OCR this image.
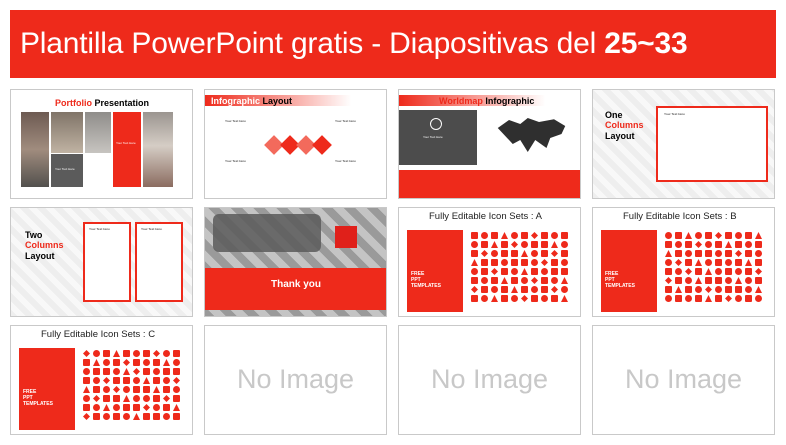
Plantilla PowerPoint gratis - Diapositivas del 25~33
Portfolio Presentation
Your Text Here
Your Text Here
Infographic Layout
Your Text Here
Your Text Here
Your Text Here
Your Text Here
Worldmap Infographic
Your Text Here
One
Columns
Layout
Your Text Here
Two
Columns
Layout
Your Text Here	Your Text Here
Thank you
Fully Editable Icon Sets : A
FREE
PPT
TEMPLATES
Fully Editable Icon Sets : B
FREE
PPT
TEMPLATES
Fully Editable Icon Sets : C
FREE
PPT
TEMPLATES
No Image	No Image	No Image
